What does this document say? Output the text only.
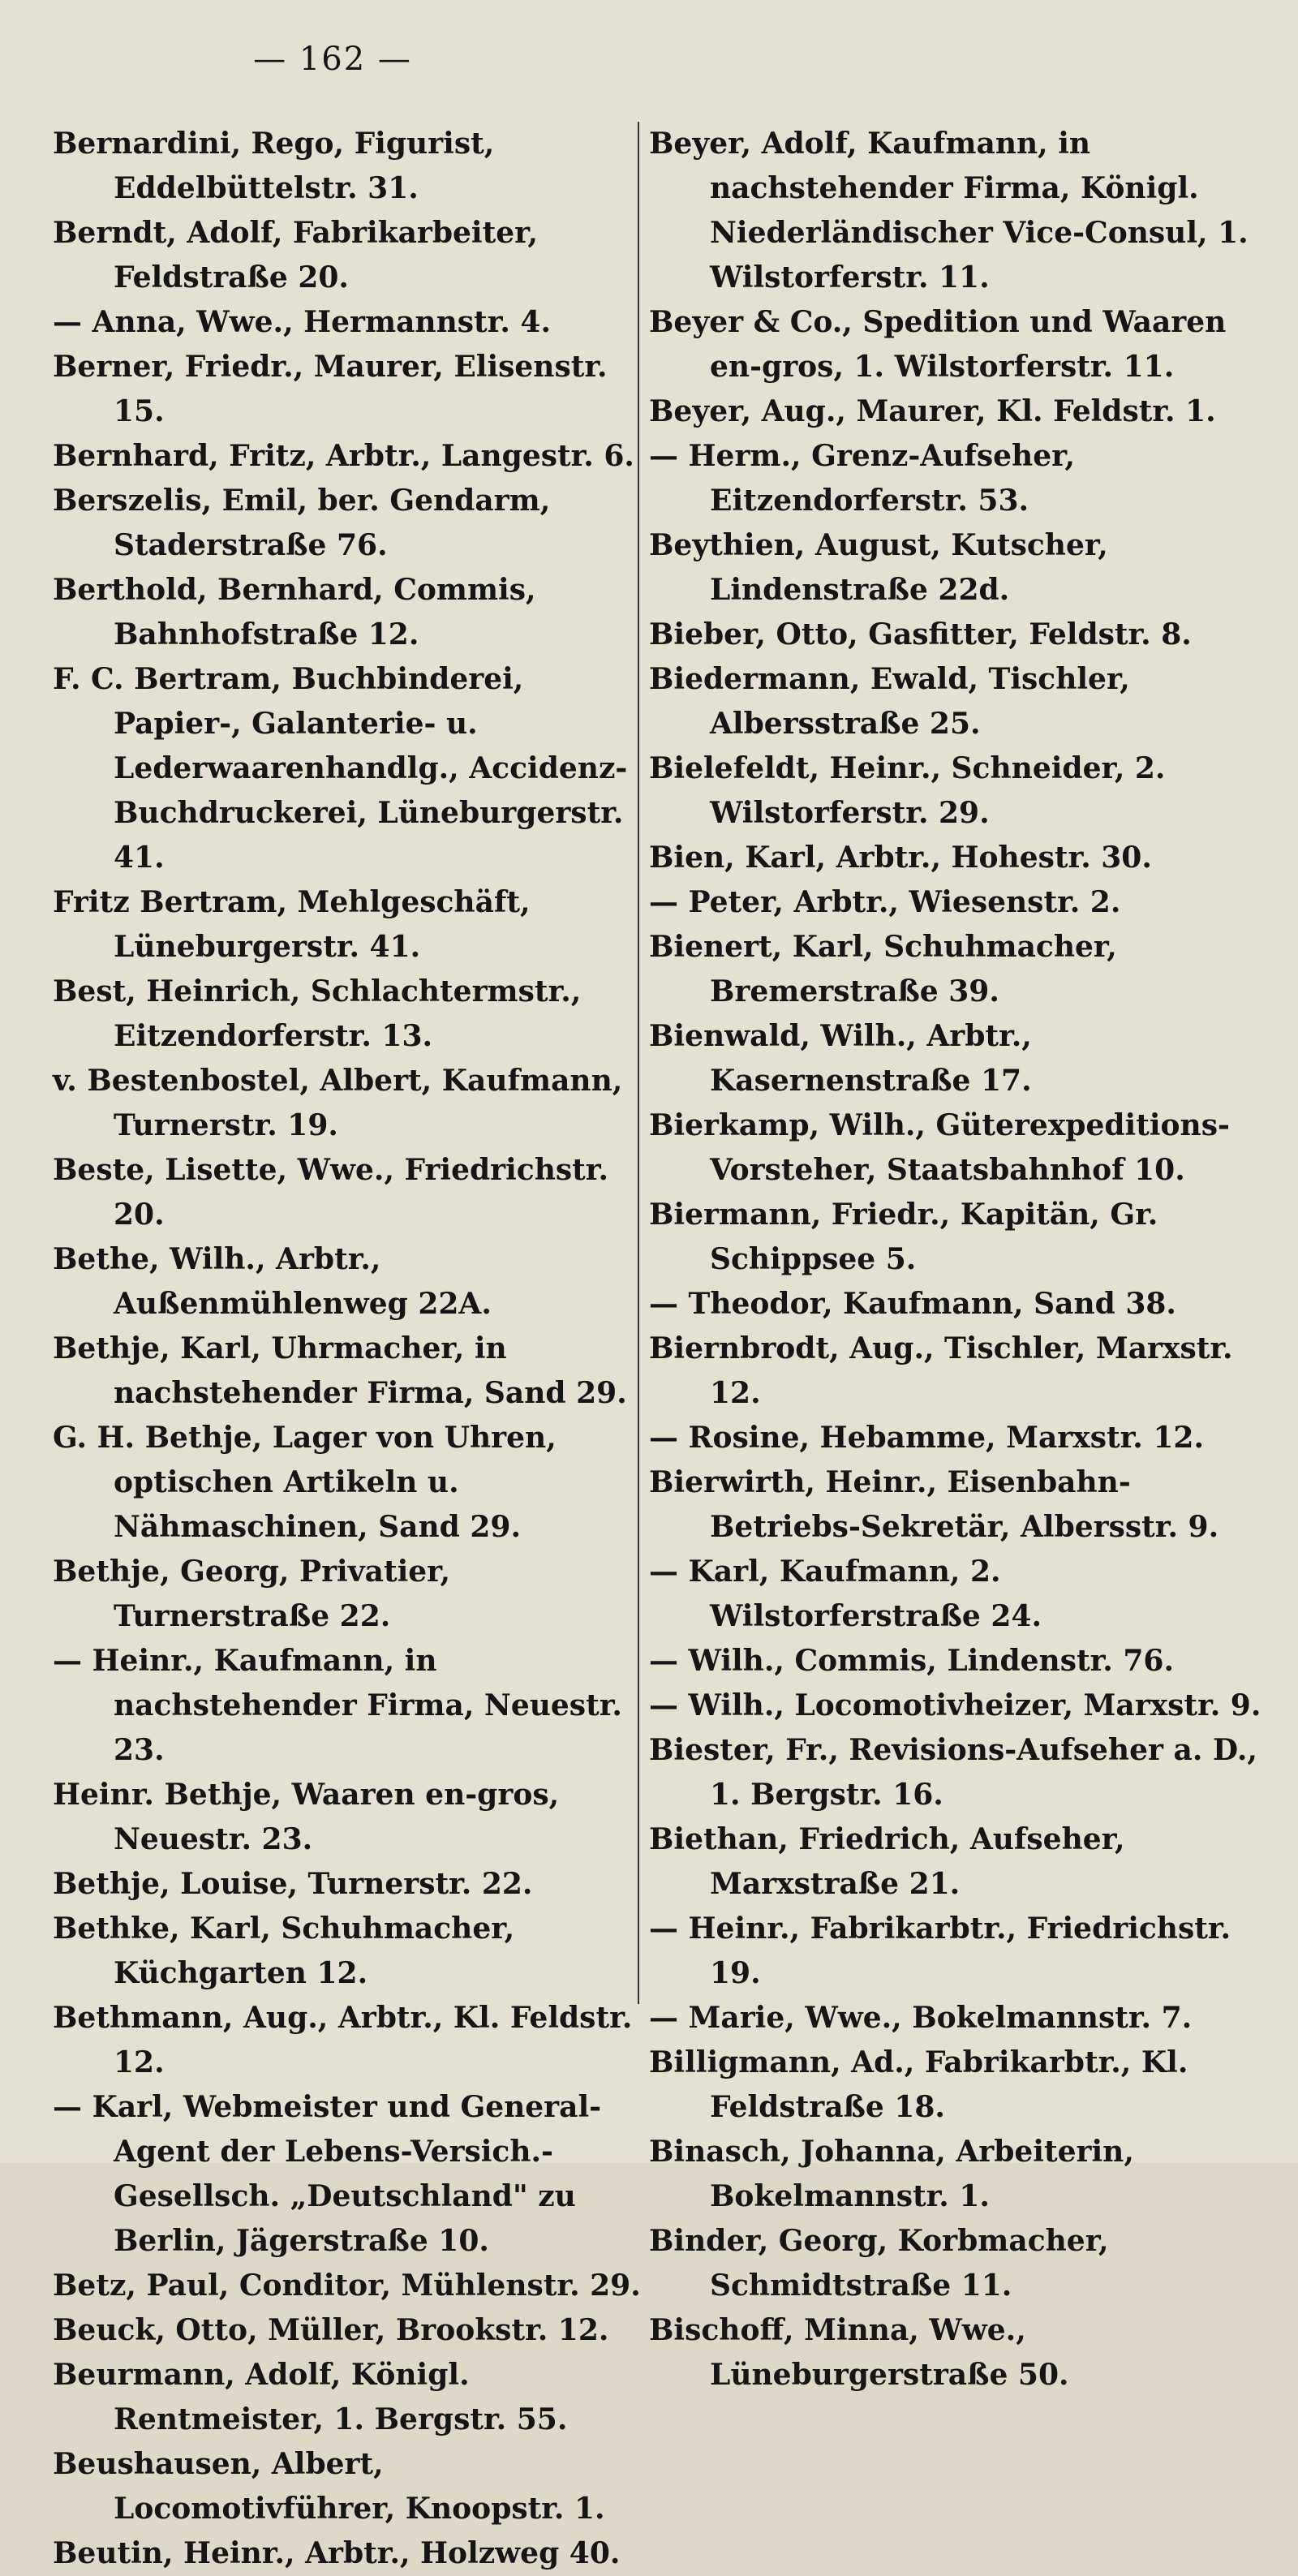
— 162 —

Bernardini, Rego, Figurist, Eddelbüttelstr. 31.

Berndt, Adolf, Fabrikarbeiter, Feldstraße 20.

— Anna, Wwe., Hermannstr. 4.

Berner, Friedr., Maurer, Elisenstr. 15.

Bernhard, Fritz, Arbtr., Langestr. 6.

Berszelis, Emil, ber. Gendarm, Staderstraße 76.

Berthold, Bernhard, Commis, Bahnhofstraße 12.

F. C. Bertram, Buchbinderei, Papier-, Galanterie- u. Lederwaarenhandlg., Accidenz-Buchdruckerei, Lüneburgerstr. 41.

Fritz Bertram, Mehlgeschäft, Lüneburgerstr. 41.

Best, Heinrich, Schlachtermstr., Eitzendorferstr. 13.

v. Bestenbostel, Albert, Kaufmann, Turnerstr. 19.

Beste, Lisette, Wwe., Friedrichstr. 20.

Bethe, Wilh., Arbtr., Außenmühlenweg 22A.

Bethje, Karl, Uhrmacher, in nachstehender Firma, Sand 29.

G. H. Bethje, Lager von Uhren, optischen Artikeln u. Nähmaschinen, Sand 29.

Bethje, Georg, Privatier, Turnerstraße 22.

— Heinr., Kaufmann, in nachstehender Firma, Neuestr. 23.

Heinr. Bethje, Waaren en-gros, Neuestr. 23.

Bethje, Louise, Turnerstr. 22.

Bethke, Karl, Schuhmacher, Küchgarten 12.

Bethmann, Aug., Arbtr., Kl. Feldstr. 12.

— Karl, Webmeister und General-Agent der Lebens-Versich.-Gesellsch. „Deutschland" zu Berlin, Jägerstraße 10.

Betz, Paul, Conditor, Mühlenstr. 29.

Beuck, Otto, Müller, Brookstr. 12.

Beurmann, Adolf, Königl. Rentmeister, 1. Bergstr. 55.

Beushausen, Albert, Locomotivführer, Knoopstr. 1.

Beutin, Heinr., Arbtr., Holzweg 40.

Beyer, Adolf, Kaufmann, in nachstehender Firma, Königl. Niederländischer Vice-Consul, 1. Wilstorferstr. 11.

Beyer & Co., Spedition und Waaren en-gros, 1. Wilstorferstr. 11.

Beyer, Aug., Maurer, Kl. Feldstr. 1.

— Herm., Grenz-Aufseher, Eitzendorferstr. 53.

Beythien, August, Kutscher, Lindenstraße 22d.

Bieber, Otto, Gasfitter, Feldstr. 8.

Biedermann, Ewald, Tischler, Albersstraße 25.

Bielefeldt, Heinr., Schneider, 2. Wilstorferstr. 29.

Bien, Karl, Arbtr., Hohestr. 30.

— Peter, Arbtr., Wiesenstr. 2.

Bienert, Karl, Schuhmacher, Bremerstraße 39.

Bienwald, Wilh., Arbtr., Kasernenstraße 17.

Bierkamp, Wilh., Güterexpeditions-Vorsteher, Staatsbahnhof 10.

Biermann, Friedr., Kapitän, Gr. Schippsee 5.

— Theodor, Kaufmann, Sand 38.

Biernbrodt, Aug., Tischler, Marxstr. 12.

— Rosine, Hebamme, Marxstr. 12.

Bierwirth, Heinr., Eisenbahn-Betriebs-Sekretär, Albersstr. 9.

— Karl, Kaufmann, 2. Wilstorferstraße 24.

— Wilh., Commis, Lindenstr. 76.

— Wilh., Locomotivheizer, Marxstr. 9.

Biester, Fr., Revisions-Aufseher a. D., 1. Bergstr. 16.

Biethan, Friedrich, Aufseher, Marxstraße 21.

— Heinr., Fabrikarbtr., Friedrichstr. 19.

— Marie, Wwe., Bokelmannstr. 7.

Billigmann, Ad., Fabrikarbtr., Kl. Feldstraße 18.

Binasch, Johanna, Arbeiterin, Bokelmannstr. 1.

Binder, Georg, Korbmacher, Schmidtstraße 11.

Bischoff, Minna, Wwe., Lüneburgerstraße 50.
